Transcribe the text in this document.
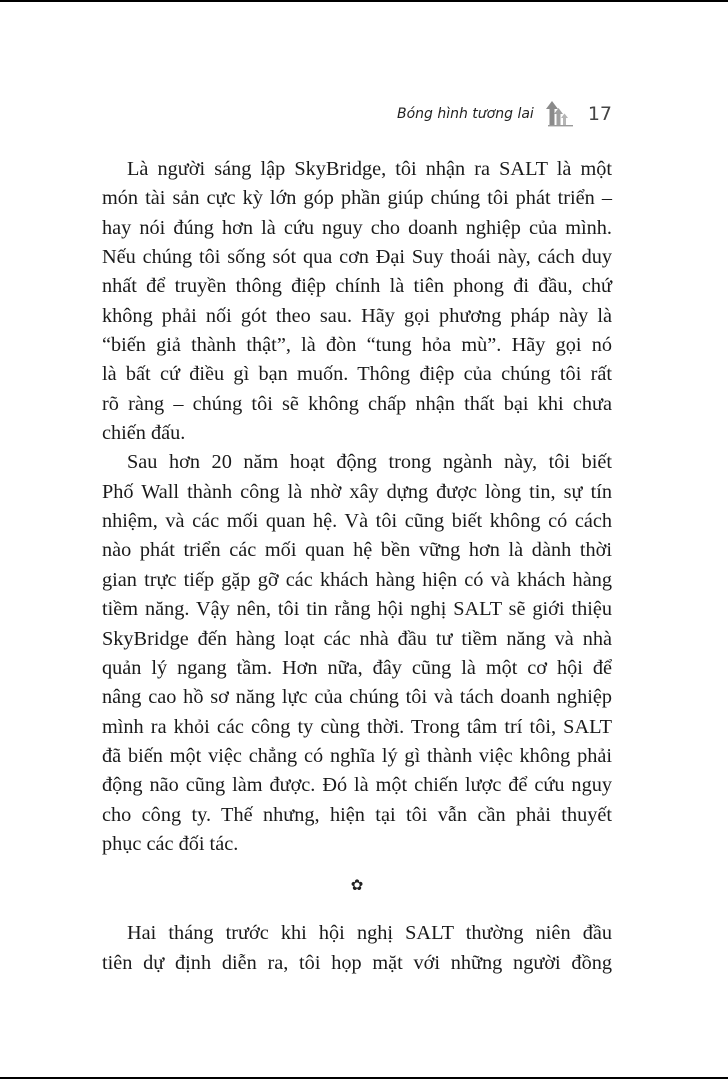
Bóng hình tương lai	17
Là người sáng lập SkyBridge, tôi nhận ra SALT là một
món tài sản cực kỳ lớn góp phần giúp chúng tôi phát triển –
hay nói đúng hơn là cứu nguy cho doanh nghiệp của mình.
Nếu chúng tôi sống sót qua cơn Đại Suy thoái này, cách duy
nhất để truyền thông điệp chính là tiên phong đi đầu, chứ
không phải nối gót theo sau. Hãy gọi phương pháp này là
“biến giả thành thật”, là đòn “tung hỏa mù”. Hãy gọi nó
là bất cứ điều gì bạn muốn. Thông điệp của chúng tôi rất
rõ ràng – chúng tôi sẽ không chấp nhận thất bại khi chưa
chiến đấu.
Sau hơn 20 năm hoạt động trong ngành này, tôi biết
Phố Wall thành công là nhờ xây dựng được lòng tin, sự tín
nhiệm, và các mối quan hệ. Và tôi cũng biết không có cách
nào phát triển các mối quan hệ bền vững hơn là dành thời
gian trực tiếp gặp gỡ các khách hàng hiện có và khách hàng
tiềm năng. Vậy nên, tôi tin rằng hội nghị SALT sẽ giới thiệu
SkyBridge đến hàng loạt các nhà đầu tư tiềm năng và nhà
quản lý ngang tầm. Hơn nữa, đây cũng là một cơ hội để
nâng cao hồ sơ năng lực của chúng tôi và tách doanh nghiệp
mình ra khỏi các công ty cùng thời. Trong tâm trí tôi, SALT
đã biến một việc chẳng có nghĩa lý gì thành việc không phải
động não cũng làm được. Đó là một chiến lược để cứu nguy
cho công ty. Thế nhưng, hiện tại tôi vẫn cần phải thuyết
phục các đối tác.
✿
Hai tháng trước khi hội nghị SALT thường niên đầu
tiên dự định diễn ra, tôi họp mặt với những người đồng
